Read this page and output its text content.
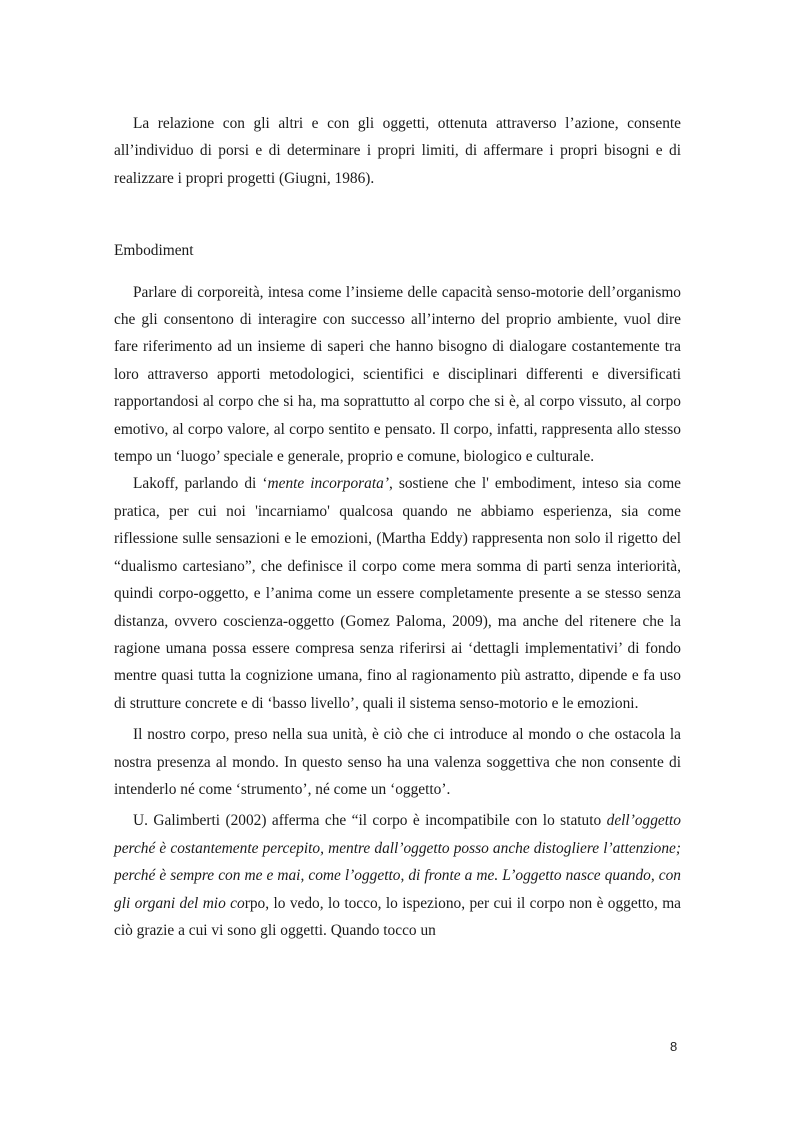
La relazione con gli altri e con gli oggetti, ottenuta attraverso l’azione, consente all’individuo di porsi e di determinare i propri limiti, di affermare i propri bisogni e di realizzare i propri progetti (Giugni, 1986).

Embodiment

Parlare di corporeità, intesa come l’insieme delle capacità senso-motorie dell’organismo che gli consentono di interagire con successo all’interno del proprio ambiente, vuol dire fare riferimento ad un insieme di saperi che hanno bisogno di dialogare costantemente tra loro attraverso apporti metodologici, scientifici e disciplinari differenti e diversificati rapportandosi al corpo che si ha, ma soprattutto al corpo che si è, al corpo vissuto, al corpo emotivo, al corpo valore, al corpo sentito e pensato. Il corpo, infatti, rappresenta allo stesso tempo un ‘luogo’ speciale e generale, proprio e comune, biologico e culturale.

Lakoff, parlando di ‘mente incorporata’, sostiene che l' embodiment, inteso sia come pratica, per cui noi 'incarniamo' qualcosa quando ne abbiamo esperienza, sia come riflessione sulle sensazioni e le emozioni, (Martha Eddy) rappresenta non solo il rigetto del “dualismo cartesiano”, che definisce il corpo come mera somma di parti senza interiorità, quindi corpo-oggetto, e l’anima come un essere completamente presente a se stesso senza distanza, ovvero coscienza-oggetto (Gomez Paloma, 2009), ma anche del ritenere che la ragione umana possa essere compresa senza riferirsi ai ‘dettagli implementativi’ di fondo mentre quasi tutta la cognizione umana, fino al ragionamento più astratto, dipende e fa uso di strutture concrete e di ‘basso livello’, quali il sistema senso-motorio e le emozioni.

Il nostro corpo, preso nella sua unità, è ciò che ci introduce al mondo o che ostacola la nostra presenza al mondo. In questo senso ha una valenza soggettiva che non consente di intenderlo né come ‘strumento’, né come un ‘oggetto’.

U. Galimberti (2002) afferma che “il corpo è incompatibile con lo statuto dell’oggetto perché è costantemente percepito, mentre dall’oggetto posso anche distogliere l’attenzione; perché è sempre con me e mai, come l’oggetto, di fronte a me. L’oggetto nasce quando, con gli organi del mio corpo, lo vedo, lo tocco, lo ispeziono, per cui il corpo non è oggetto, ma ciò grazie a cui vi sono gli oggetti. Quando tocco un

8
